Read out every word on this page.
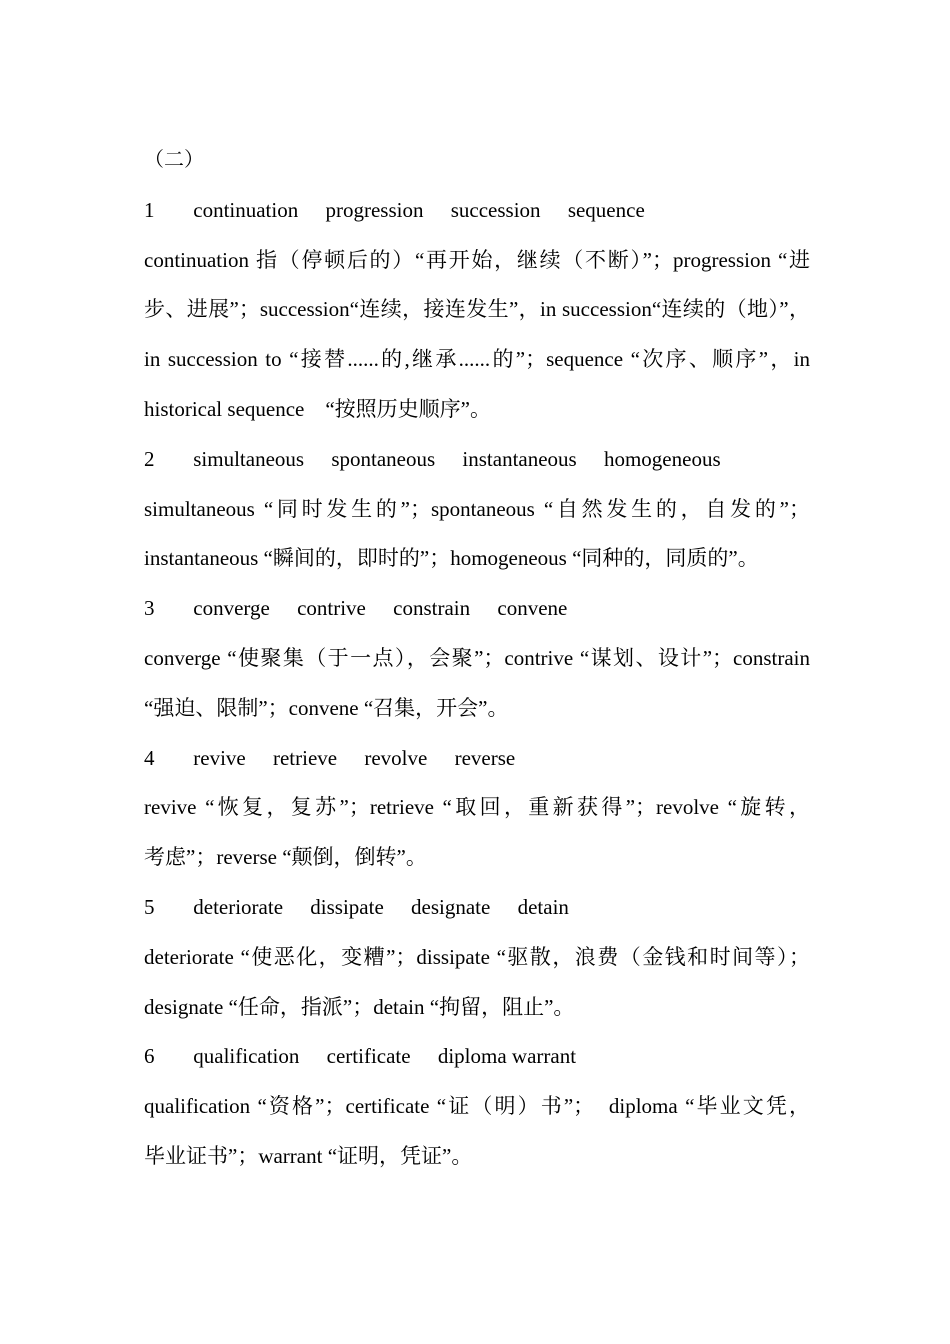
（二）
1 continuation progression succession sequence
continuation 指（停顿后的）“再开始，继续（不断）”；progression “进
步、进展”；succession“连续，接连发生”，in succession“连续的（地）”，
in succession to “接替......的,继承......的”；sequence “次序、顺序”，in
historical sequence　“按照历史顺序”。
2 simultaneous spontaneous instantaneous homogeneous
simultaneous “同时发生的”；spontaneous “自然发生的，自发的”；
instantaneous “瞬间的，即时的”；homogeneous “同种的，同质的”。
3 converge contrive constrain convene
converge “使聚集（于一点），会聚”；contrive “谋划、设计”；constrain
“强迫、限制”；convene “召集，开会”。
4 revive retrieve revolve reverse
revive “恢复，复苏”；retrieve “取回，重新获得”；revolve “旋转，
考虑”；reverse “颠倒，倒转”。
5 deteriorate dissipate designate detain
deteriorate “使恶化，变糟”；dissipate “驱散，浪费（金钱和时间等）；
designate “任命，指派”；detain “拘留，阻止”。
6 qualification certificate diploma warrant
qualification “资格”；certificate “证（明）书”；　diploma “毕业文凭，
毕业证书”；warrant “证明，凭证”。
